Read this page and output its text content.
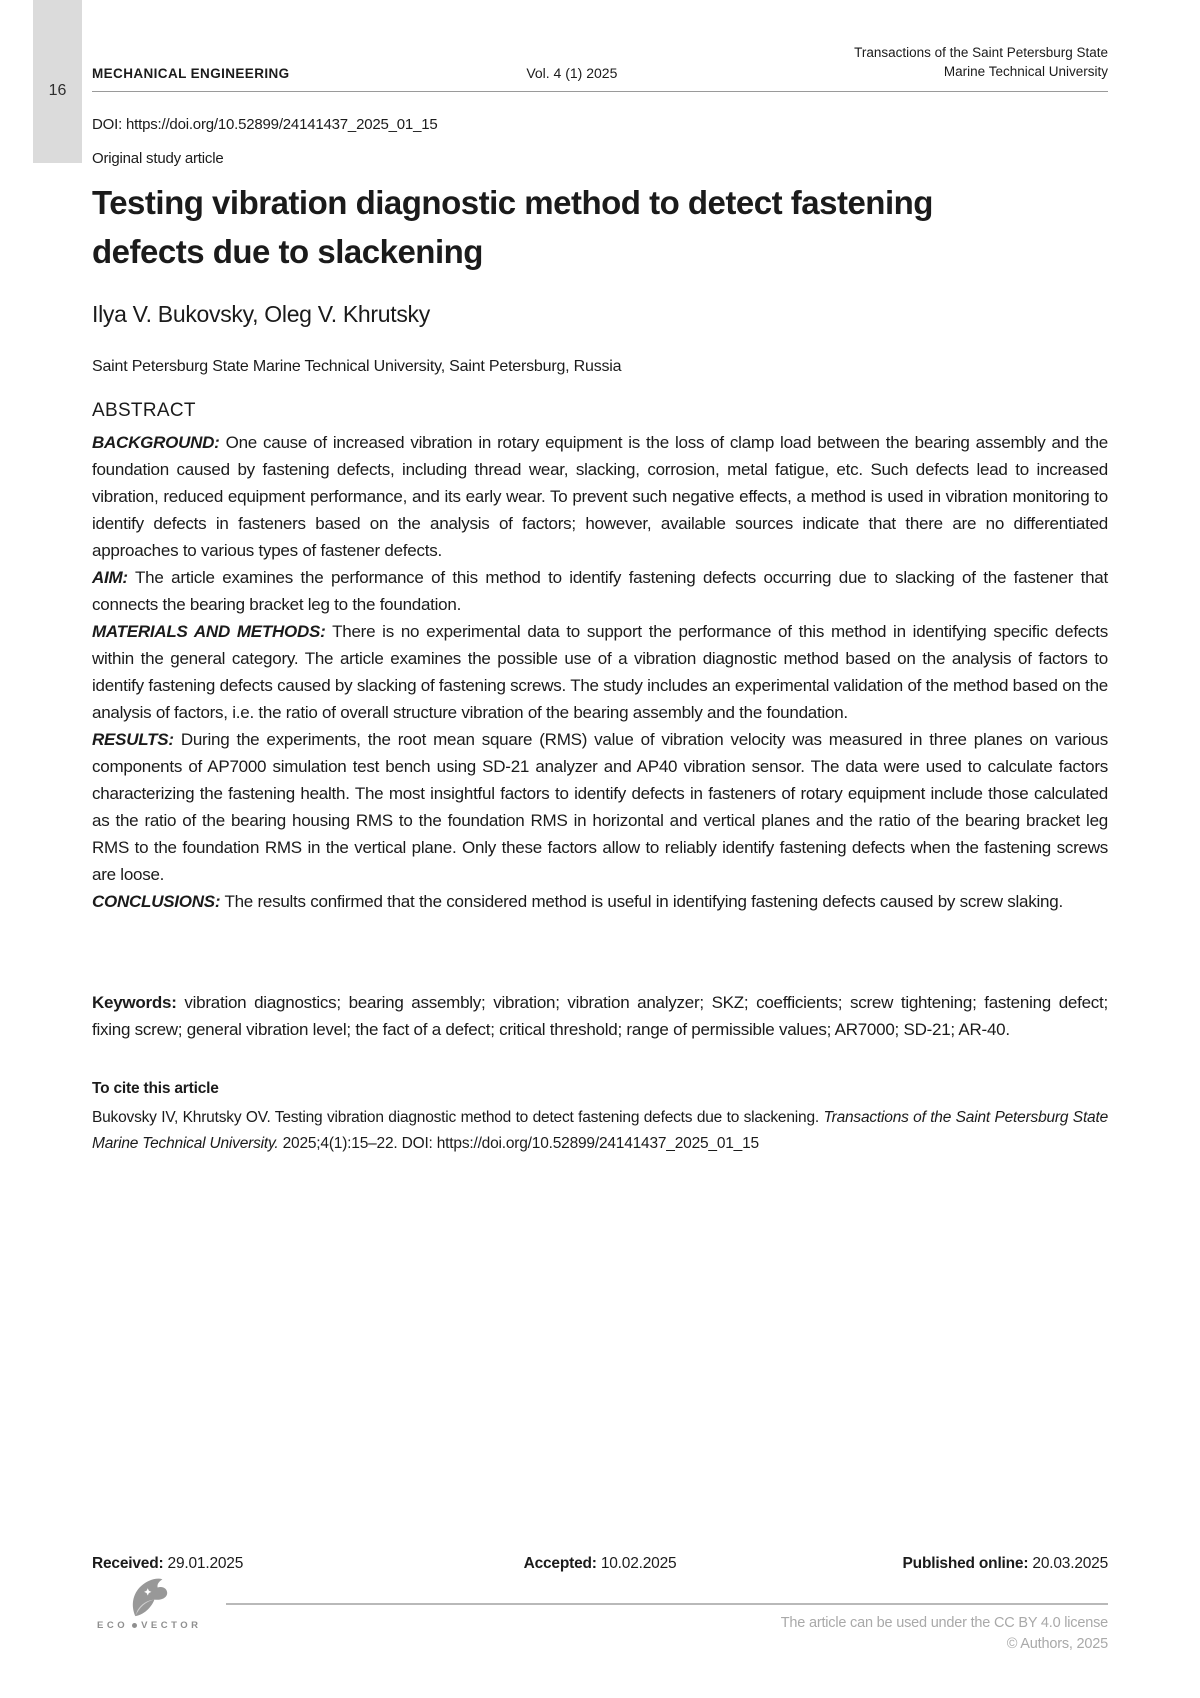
16
MECHANICAL ENGINEERING	Vol. 4 (1) 2025
Transactions of the Saint Petersburg State
Marine Technical University
DOI: https://doi.org/10.52899/24141437_2025_01_15
Original study article
Testing vibration diagnostic method to detect fastening defects due to slackening
Ilya V. Bukovsky, Oleg V. Khrutsky
Saint Petersburg State Marine Technical University, Saint Petersburg, Russia
ABSTRACT

BACKGROUND: One cause of increased vibration in rotary equipment is the loss of clamp load between the bearing assembly and the foundation caused by fastening defects, including thread wear, slacking, corrosion, metal fatigue, etc. Such defects lead to increased vibration, reduced equipment performance, and its early wear. To prevent such negative effects, a method is used in vibration monitoring to identify defects in fasteners based on the analysis of factors; however, available sources indicate that there are no differentiated approaches to various types of fastener defects.

AIM: The article examines the performance of this method to identify fastening defects occurring due to slacking of the fastener that connects the bearing bracket leg to the foundation.

MATERIALS AND METHODS: There is no experimental data to support the performance of this method in identifying specific defects within the general category. The article examines the possible use of a vibration diagnostic method based on the analysis of factors to identify fastening defects caused by slacking of fastening screws. The study includes an experimental validation of the method based on the analysis of factors, i.e. the ratio of overall structure vibration of the bearing assembly and the foundation.

RESULTS: During the experiments, the root mean square (RMS) value of vibration velocity was measured in three planes on various components of AP7000 simulation test bench using SD-21 analyzer and AP40 vibration sensor. The data were used to calculate factors characterizing the fastening health. The most insightful factors to identify defects in fasteners of rotary equipment include those calculated as the ratio of the bearing housing RMS to the foundation RMS in horizontal and vertical planes and the ratio of the bearing bracket leg RMS to the foundation RMS in the vertical plane. Only these factors allow to reliably identify fastening defects when the fastening screws are loose.

CONCLUSIONS: The results confirmed that the considered method is useful in identifying fastening defects caused by screw slaking.

Keywords: vibration diagnostics; bearing assembly; vibration; vibration analyzer; SKZ; coefficients; screw tightening; fastening defect; fixing screw; general vibration level; the fact of a defect; critical threshold; range of permissible values; AR7000; SD-21; AR-40.
To cite this article
Bukovsky IV, Khrutsky OV. Testing vibration diagnostic method to detect fastening defects due to slackening. Transactions of the Saint Petersburg State Marine Technical University. 2025;4(1):15–22. DOI: https://doi.org/10.52899/24141437_2025_01_15
Received: 29.01.2025	Accepted: 10.02.2025	Published online: 20.03.2025
ECO VECTOR	The article can be used under the CC BY 4.0 license
© Authors, 2025
